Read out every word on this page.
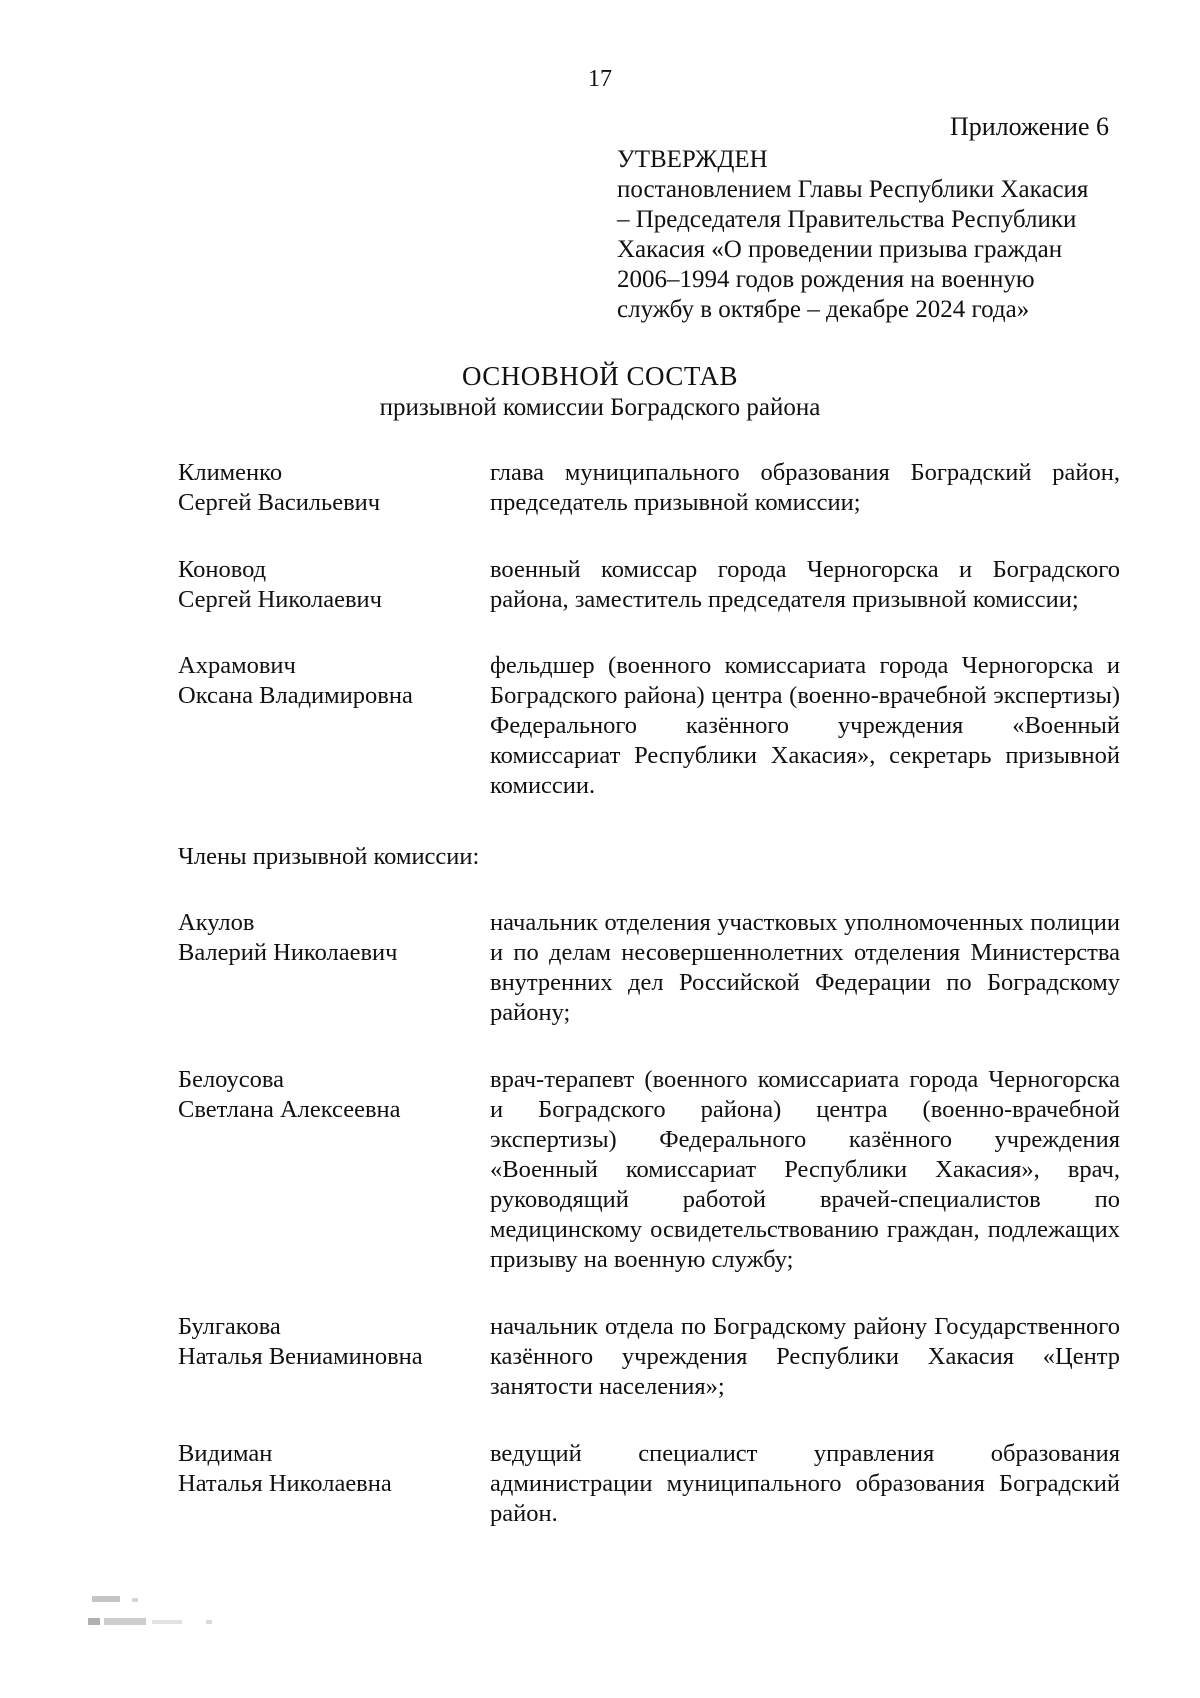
17
Приложение 6
УТВЕРЖДЕН
постановлением Главы Республики Хакасия
– Председателя Правительства Республики
Хакасия «О проведении призыва граждан
2006–1994 годов рождения на военную
службу в октябре – декабре 2024 года»
ОСНОВНОЙ СОСТАВ
призывной комиссии Боградского района
Клименко
Сергей Васильевич
глава муниципального образования Боградский район, председатель призывной комиссии;
Коновод
Сергей Николаевич
военный комиссар города Черногорска и Боградского района, заместитель председателя призывной комиссии;
Ахрамович
Оксана Владимировна
фельдшер (военного комиссариата города Черногорска и Боградского района) центра (военно-врачебной экспертизы) Федерального казённого учреждения «Военный комиссариат Республики Хакасия», секретарь призывной комиссии.
Члены призывной комиссии:
Акулов
Валерий Николаевич
начальник отделения участковых уполномоченных полиции и по делам несовершеннолетних отделения Министерства внутренних дел Российской Федерации по Боградскому району;
Белоусова
Светлана Алексеевна
врач-терапевт (военного комиссариата города Черногорска и Боградского района) центра (военно-врачебной экспертизы) Федерального казённого учреждения «Военный комиссариат Республики Хакасия», врач, руководящий работой врачей-специалистов по медицинскому освидетельствованию граждан, подлежащих призыву на военную службу;
Булгакова
Наталья Вениаминовна
начальник отдела по Боградскому району Государственного казённого учреждения Республики Хакасия «Центр занятости населения»;
Видиман
Наталья Николаевна
ведущий специалист управления образования администрации муниципального образования Боградский район.
